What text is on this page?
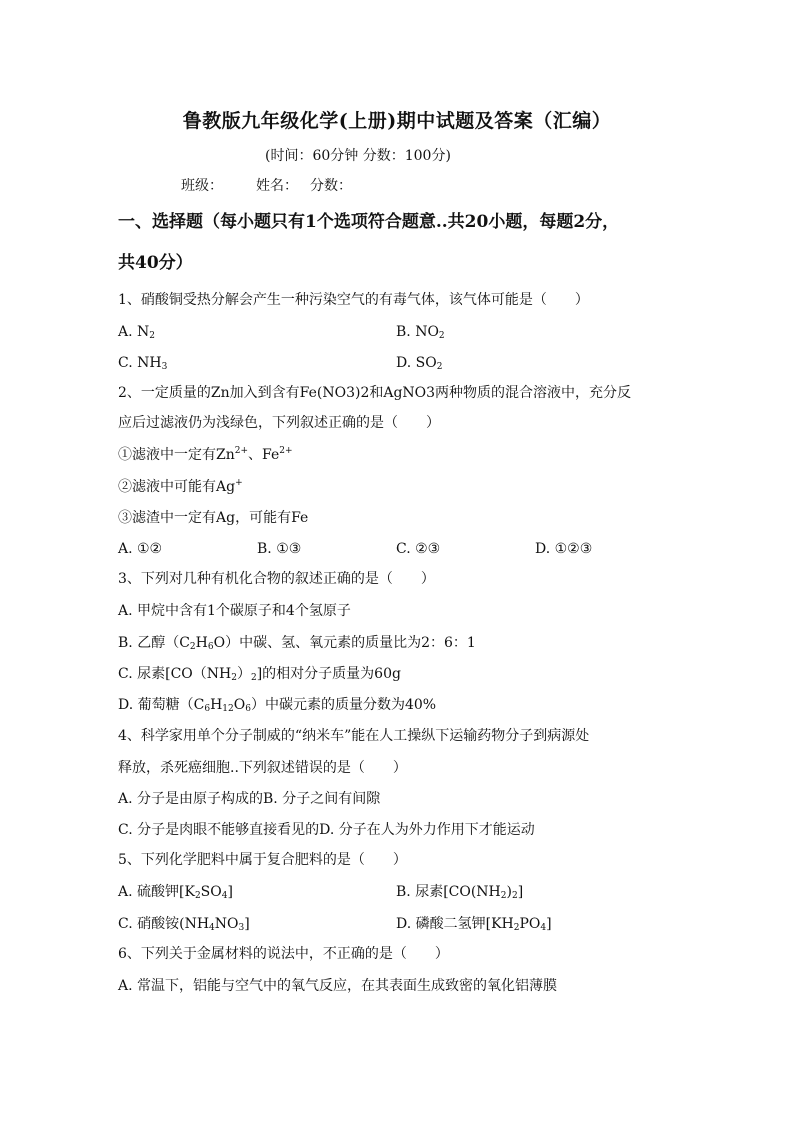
鲁教版九年级化学(上册)期中试题及答案（汇编）
(时间：60分钟 分数：100分)
班级： 姓名： 分数：
一、选择题（每小题只有1个选项符合题意..共20小题，每题2分，
共40分）
1、硝酸铜受热分解会产生一种污染空气的有毒气体，该气体可能是（　　）
A. $N_2$	B. $NO_2$
C. $NH_3$	D. $SO_2$
2、一定质量的Zn加入到含有Fe(NO3)2和AgNO3两种物质的混合溶液中，充分反
应后过滤液仍为浅绿色，下列叙述正确的是（　　）
①滤液中一定有$Zn^{2+}$、$Fe^{2+}$
②滤液中可能有Ag+
③滤渣中一定有Ag，可能有Fe
A. ①②	B. ①③	C. ②③	D. ①②③
3、下列对几种有机化合物的叙述正确的是（　　）
A. 甲烷中含有1个碳原子和4个氢原子
B. 乙醇$(C_2H_6O)$中碳、氢、氧元素的质量比为2：6：1
C. 尿素$[CO(NH_2)_2]$的相对分子质量为60g
D. 葡萄糖$(C_6H_{12}O_6)$中碳元素的质量分数为40%
4、科学家用单个分子制威的“纳米车”能在人工操纵下运输药物分子到病源处
释放，杀死癌细胞..下列叙述错误的是（　　）
A. 分子是由原子构成的B. 分子之间有间隙
C. 分子是肉眼不能够直接看见的D. 分子在人为外力作用下才能运动
5、下列化学肥料中属于复合肥料的是（　　）
A. 硫酸钾$[K_2SO_4]$	B. 尿素$[CO(NH_2)_2]$
C. 硝酸铵$(NH_4NO_3]$	D. 磷酸二氢钾$[KH_2PO_4]$
6、下列关于金属材料的说法中，不正确的是（　　）
A. 常温下，铝能与空气中的氧气反应，在其表面生成致密的氧化铝薄膜
